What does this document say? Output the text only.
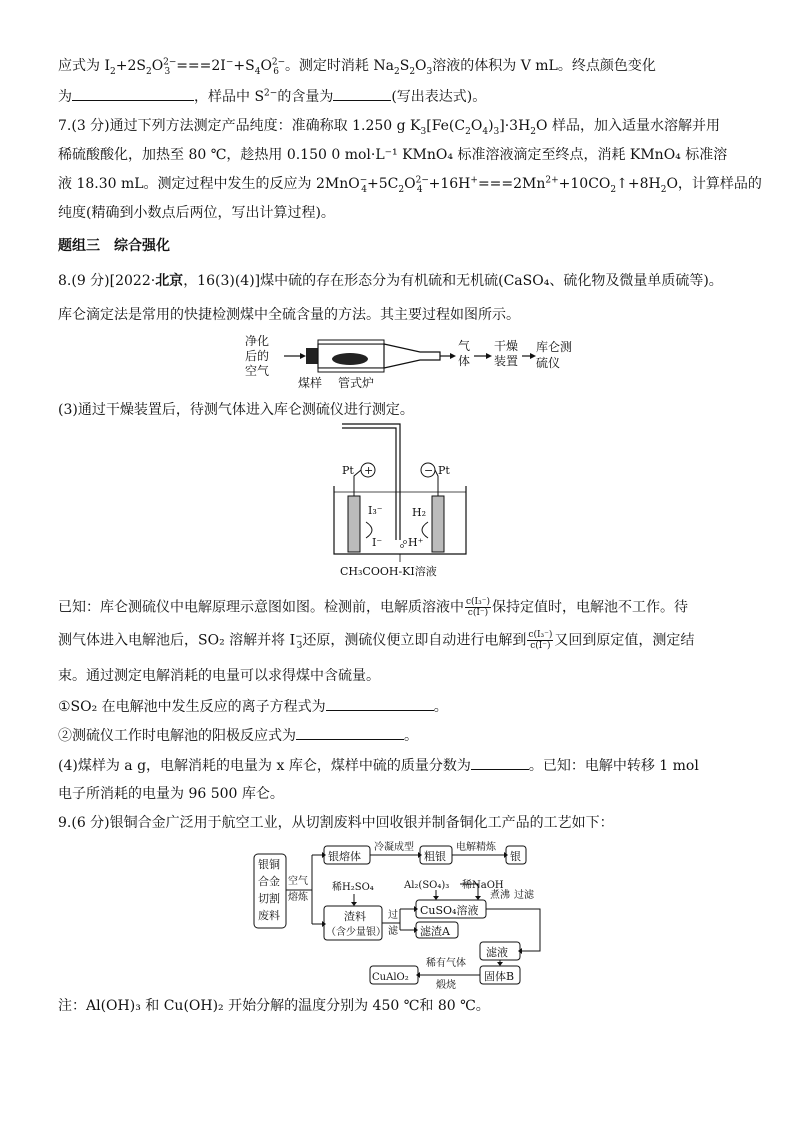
应式为 $I_2+2S_2O^{2-}_3 ===2I^-+S_4O^{2-}_6$ 。测定时消耗 $Na_2S_2O_3$溶液的体积为 V mL。终点颜色变化
为	，样品中 $S^{2-}$的含量为	(写出表达式)。
7.(3 分)通过下列方法测定产品纯度：准确称取 1.250 g $K_3[Fe(C_2O_4)_3]\cdot 3H_2O$ 样品，加入适量水溶解并用
稀硫酸酸化，加热至 80 ℃，趁热用 0.150 0 mol·L⁻¹ KMnO₄ 标准溶液滴定至终点，消耗 KMnO₄ 标准溶
液 18.30 mL。测定过程中发生的反应为 $2MnO^-_4+5C_2O^{2-}_4$ $+16H^+===2Mn^{2+}+10CO_2↑+8H_2O$，计算样品的
纯度(精确到小数点后两位，写出计算过程)。
题组三　综合强化
8.(9 分)[2022·北京，16(3)(4)]煤中硫的存在形态分为有机硫和无机硫(CaSO₄、硫化物及微量单质硫等)。
库仑滴定法是常用的快捷检测煤中全硫含量的方法。其主要过程如图所示。
净化
后的
空气
气
体
干燥
装置
煤样 管式炉
库仑测
硫仪
(3)通过干燥装置后，待测气体进入库仑测硫仪进行测定。
Pt +	− Pt
I₃⁻
I⁻
H₂
H⁺
CH₃COOH-KI溶液
已知：库仑测硫仪中电解原理示意图如图。检测前，电解质溶液中 $\frac{\text{c(I₃⁻)}}{c(I^-)}$ 保持定值时，电解池不工作。待
测气体进入电解池后，SO₂ 溶解并将 $I^-_3$还原，测硫仪便立即自动进行电解到 $\frac{\text{c(I₃⁻)}}{c(I^-)}$ 又回到原定值，测定结
束。通过测定电解消耗的电量可以求得煤中含硫量。
①SO₂ 在电解池中发生反应的离子方程式为	。
②测硫仪工作时电解池的阳极反应式为	。
(4)煤样为 a g，电解消耗的电量为 x 库仑，煤样中硫的质量分数为	。已知：电解中转移 1 mol
电子所消耗的电量为 96 500 库仑。
9.(6 分)银铜合金广泛用于航空工业，从切割废料中回收银并制备铜化工产品的工艺如下：
银铜
合金
切割
废料
空气
熔炼
银熔体
冷凝成型
粗银
电解精炼
银
稀H₂SO₄
渣料
（含少量银）
过
滤
Al₂(SO₄)₃ 稀NaOH
CuSO₄溶液
煮沸 过滤
滤渣A
滤液
固体B
稀有气体
煅烧
CuAlO₂
注：Al(OH)₃ 和 Cu(OH)₂ 开始分解的温度分别为 450 ℃和 80 ℃。
